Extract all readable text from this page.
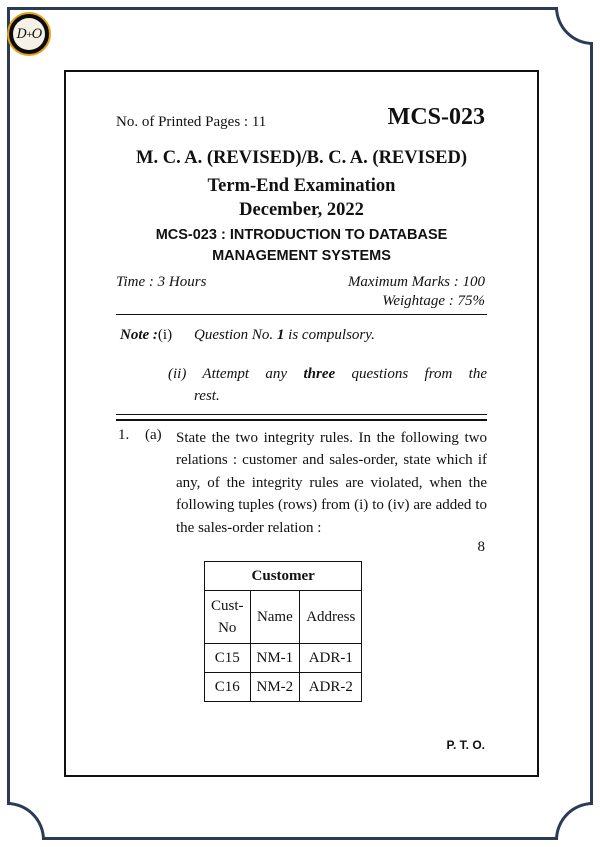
D + O
No. of Printed Pages : 11	MCS-023
M. C. A. (REVISED)/B. C. A. (REVISED)
Term-End Examination
December, 2022
MCS-023 : INTRODUCTION TO DATABASE
MANAGEMENT SYSTEMS
Time : 3 Hours	Maximum Marks : 100
Weightage : 75%
Note :(i) Question No. 1 is compulsory.
(ii) Attempt any three questions from the
rest.
1. (a) State the two integrity rules. In the following two relations : customer and sales-order, state which if any, of the integrity rules are violated, when the following tuples (rows) from (i) to (iv) are added to the sales-order relation :
8
Customer		
Cust-
No	Name	Address
C15	NM-1	ADR-1
C16	NM-2	ADR-2
P. T. O.
